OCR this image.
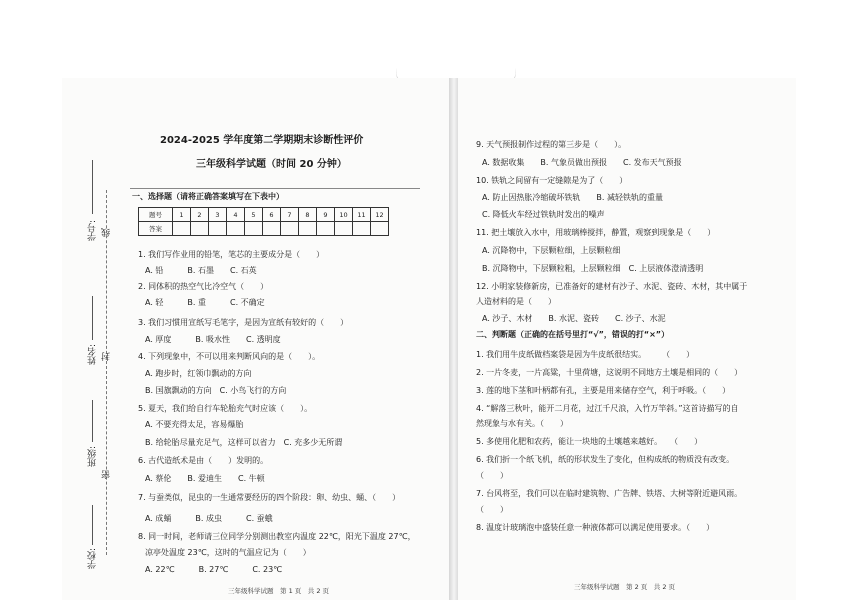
学号: 线
姓名: 封
班级:
密
学校:
2024-2025 学年度第二学期期末诊断性评价
三年级科学试题（时间 20 分钟）
一、选择题（请将正确答案填写在下表中）
题号	1	2	3	4	5	6	7	8	9	10	11	12
答案												
1. 我们写作业用的铅笔，笔芯的主要成分是（　　）
A. 铅　　　B. 石墨　　C. 石英
2. 同体积的热空气比冷空气（　　）
A. 轻　　　B. 重　　　C. 不确定
3. 我们习惯用宣纸写毛笔字，是因为宣纸有较好的（　　）
A. 厚度　　　B. 吸水性　　C. 透明度
4. 下列现象中，不可以用来判断风向的是（　　）。
A. 跑步时，红领巾飘动的方向
B. 国旗飘动的方向　C. 小鸟飞行的方向
5. 夏天，我们给自行车轮胎充气时应该（　　）。
A. 不要充得太足，容易爆胎
B. 给轮胎尽量充足气，这样可以省力　C. 充多少无所谓
6. 古代造纸术是由（　　）发明的。
A. 蔡伦　　B. 爱迪生　　C. 牛顿
7. 与蚕类似，昆虫的一生通常要经历的四个阶段：卵、幼虫、蛹、（　　）
A. 成蛹　　　B. 成虫　　　C. 蚕蛾
8. 同一时间，老师请三位同学分别测出教室内温度 22℃，阳光下温度 27℃，
凉亭处温度 23℃，这时的气温应记为（　　）
A. 22℃　　　B. 27℃　　　C. 23℃
三年级科学试题　第 1 页　共 2 页
9. 天气预报制作过程的第三步是（　　）。
A. 数据收集　　B. 气象员做出预报　　C. 发布天气预报
10. 铁轨之间留有一定缝隙是为了（　　）
A. 防止因热胀冷缩破坏铁轨　　B. 减轻铁轨的重量
C. 降低火车经过铁轨时发出的噪声
11. 把土壤放入水中，用玻璃棒搅拌，静置，观察到现象是（　　）
A. 沉降物中，下层颗粒细，上层颗粒细
B. 沉降物中，下层颗粒粗，上层颗粒细　C. 上层液体澄清透明
12. 小明家装修新房，已准备好的建材有沙子、水泥、瓷砖、木材，其中属于
人造材料的是（　　）
A. 沙子、木材　　B. 水泥、瓷砖　　C. 沙子、水泥
二、判断题（正确的在括号里打“√”，错误的打“×”）
1. 我们用牛皮纸做档案袋是因为牛皮纸很结实。　　　（　　）
2. 一片冬麦，一片高粱，十里荷塘，这说明不同地方土壤是相同的（　　）
3. 莲的地下茎和叶柄都有孔，主要是用来储存空气，利于呼吸。（　　）
4. “解落三秋叶，能开二月花，过江千尺浪，入竹万竿斜。”这首诗描写的自
然现象与水有关。（　　）
5. 多使用化肥和农药，能让一块地的土壤越来越好。　　（　　）
6. 我们折一个纸飞机，纸的形状发生了变化，但构成纸的物质没有改变。
（　　）
7. 台风将至，我们可以在临时建筑物、广告牌、铁塔、大树等附近避风雨。
（　　）
8. 温度计玻璃泡中盛装任意一种液体都可以满足使用要求。（　　）
三年级科学试题　第 2 页　共 2 页
